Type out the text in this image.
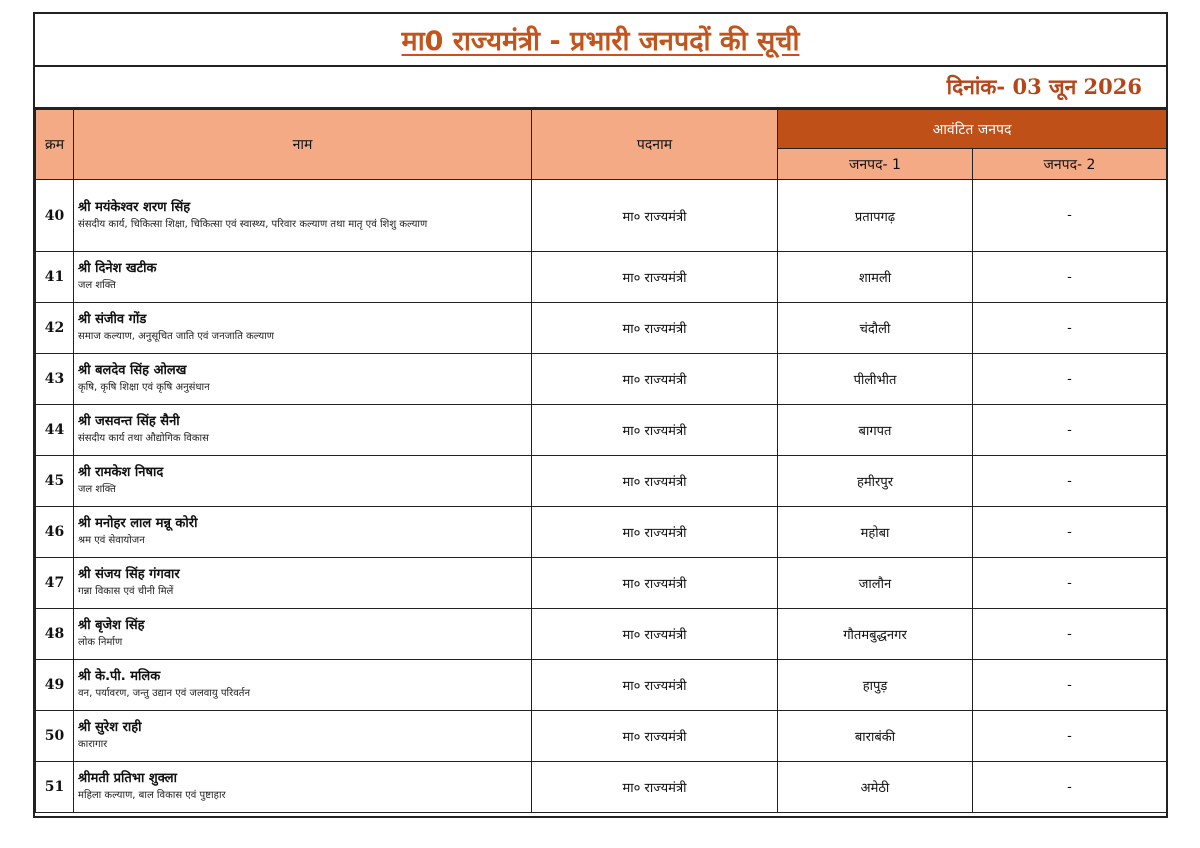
मा0 राज्यमंत्री - प्रभारी जनपदों की सूची
दिनांक- 03 जून 2026
क्रम	नाम	पदनाम	आवंटित जनपद	
			जनपद- 1	जनपद- 2
40	श्री मयंकेश्वर शरण सिंह
संसदीय कार्य, चिकित्सा शिक्षा, चिकित्सा एवं स्वास्थ्य, परिवार कल्याण तथा मातृ एवं शिशु कल्याण	मा० राज्यमंत्री	प्रतापगढ़	-
41	श्री दिनेश खटीक
जल शक्ति	मा० राज्यमंत्री	शामली	-
42	श्री संजीव गोंड
समाज कल्याण, अनुसूचित जाति एवं जनजाति कल्याण	मा० राज्यमंत्री	चंदौली	-
43	श्री बलदेव सिंह ओलख
कृषि, कृषि शिक्षा एवं कृषि अनुसंधान	मा० राज्यमंत्री	पीलीभीत	-
44	श्री जसवन्त सिंह सैनी
संसदीय कार्य तथा औद्योगिक विकास	मा० राज्यमंत्री	बागपत	-
45	श्री रामकेश निषाद
जल शक्ति	मा० राज्यमंत्री	हमीरपुर	-
46	श्री मनोहर लाल मन्नू कोरी
श्रम एवं सेवायोजन	मा० राज्यमंत्री	महोबा	-
47	श्री संजय सिंह गंगवार
गन्ना विकास एवं चीनी मिलें	मा० राज्यमंत्री	जालौन	-
48	श्री बृजेश सिंह
लोक निर्माण	मा० राज्यमंत्री	गौतमबुद्धनगर	-
49	श्री के.पी. मलिक
वन, पर्यावरण, जन्तु उद्यान एवं जलवायु परिवर्तन	मा० राज्यमंत्री	हापुड़	-
50	श्री सुरेश राही
कारागार	मा० राज्यमंत्री	बाराबंकी	-
51	श्रीमती प्रतिभा शुक्ला
महिला कल्याण, बाल विकास एवं पुष्टाहार	मा० राज्यमंत्री	अमेठी	-
